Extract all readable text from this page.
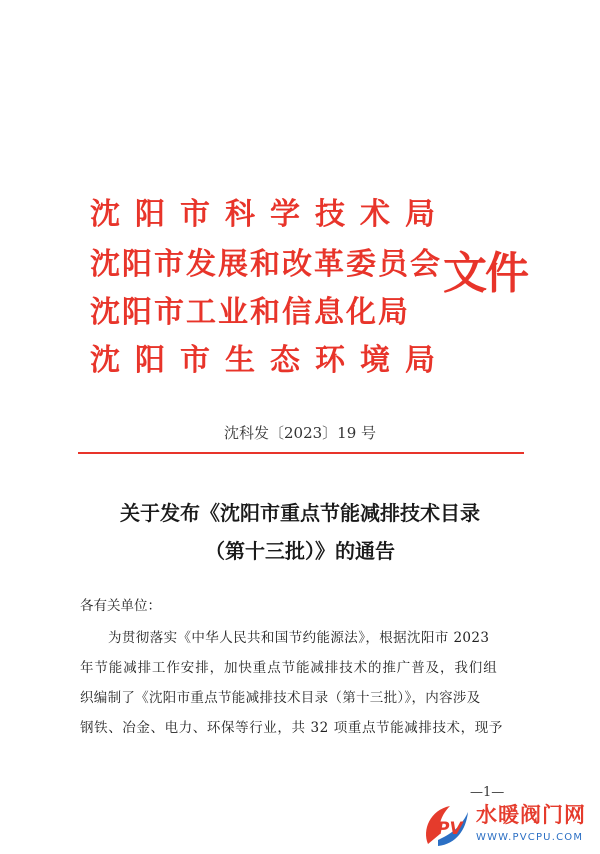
沈阳市科学技术局
沈阳市发展和改革委员会
沈阳市工业和信息化局
沈阳市生态环境局
文件
沈科发〔2023〕19 号
关于发布《沈阳市重点节能减排技术目录
（第十三批）》的通告
各有关单位：
为贯彻落实《中华人民共和国节约能源法》，根据沈阳市 2023
年节能减排工作安排，加快重点节能减排技术的推广普及，我们组
织编制了《沈阳市重点节能减排技术目录（第十三批）》，内容涉及
钢铁、冶金、电力、环保等行业，共 32 项重点节能减排技术，现予
—1—
PV
水暖阀门网
WWW.PVCPU.COM
